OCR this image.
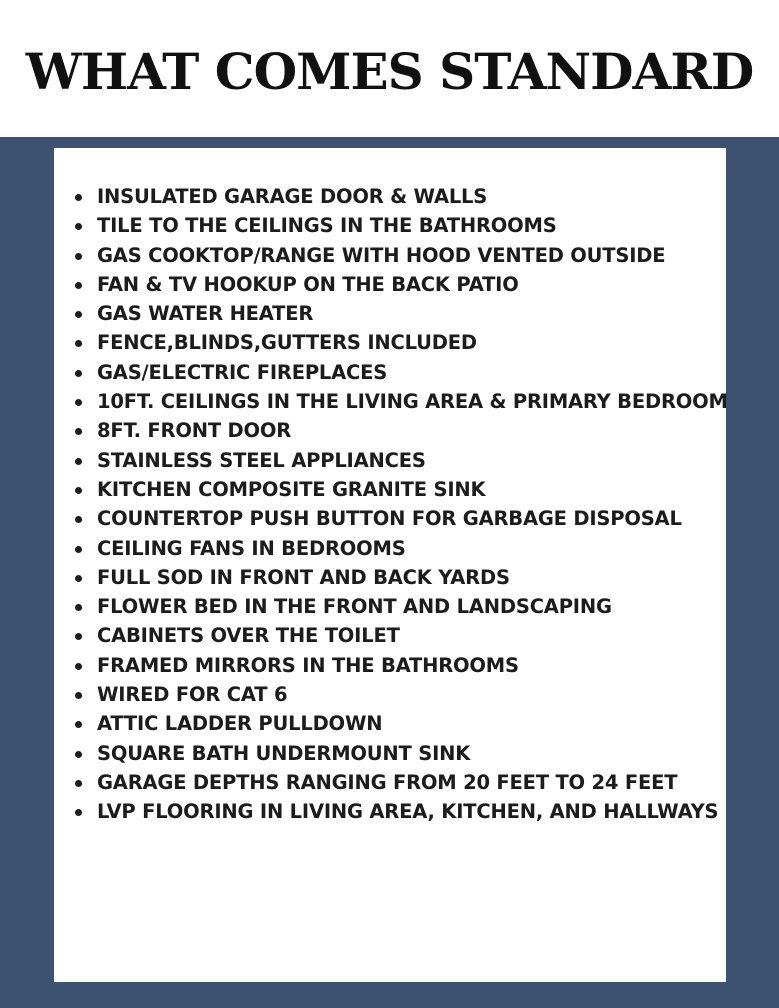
WHAT COMES STANDARD
INSULATED GARAGE DOOR & WALLS
TILE TO THE CEILINGS IN THE BATHROOMS
GAS COOKTOP/RANGE WITH HOOD VENTED OUTSIDE
FAN & TV HOOKUP ON THE BACK PATIO
GAS WATER HEATER
FENCE,BLINDS,GUTTERS INCLUDED
GAS/ELECTRIC FIREPLACES
10FT. CEILINGS IN THE LIVING AREA & PRIMARY BEDROOM
8FT. FRONT DOOR
STAINLESS STEEL APPLIANCES
KITCHEN COMPOSITE GRANITE SINK
COUNTERTOP PUSH BUTTON FOR GARBAGE DISPOSAL
CEILING FANS IN BEDROOMS
FULL SOD IN FRONT AND BACK YARDS
FLOWER BED IN THE FRONT AND LANDSCAPING
CABINETS OVER THE TOILET
FRAMED MIRRORS IN THE BATHROOMS
WIRED FOR CAT 6
ATTIC LADDER PULLDOWN
SQUARE BATH UNDERMOUNT SINK
GARAGE DEPTHS RANGING FROM 20 FEET TO 24 FEET
LVP FLOORING IN LIVING AREA, KITCHEN, AND HALLWAYS
